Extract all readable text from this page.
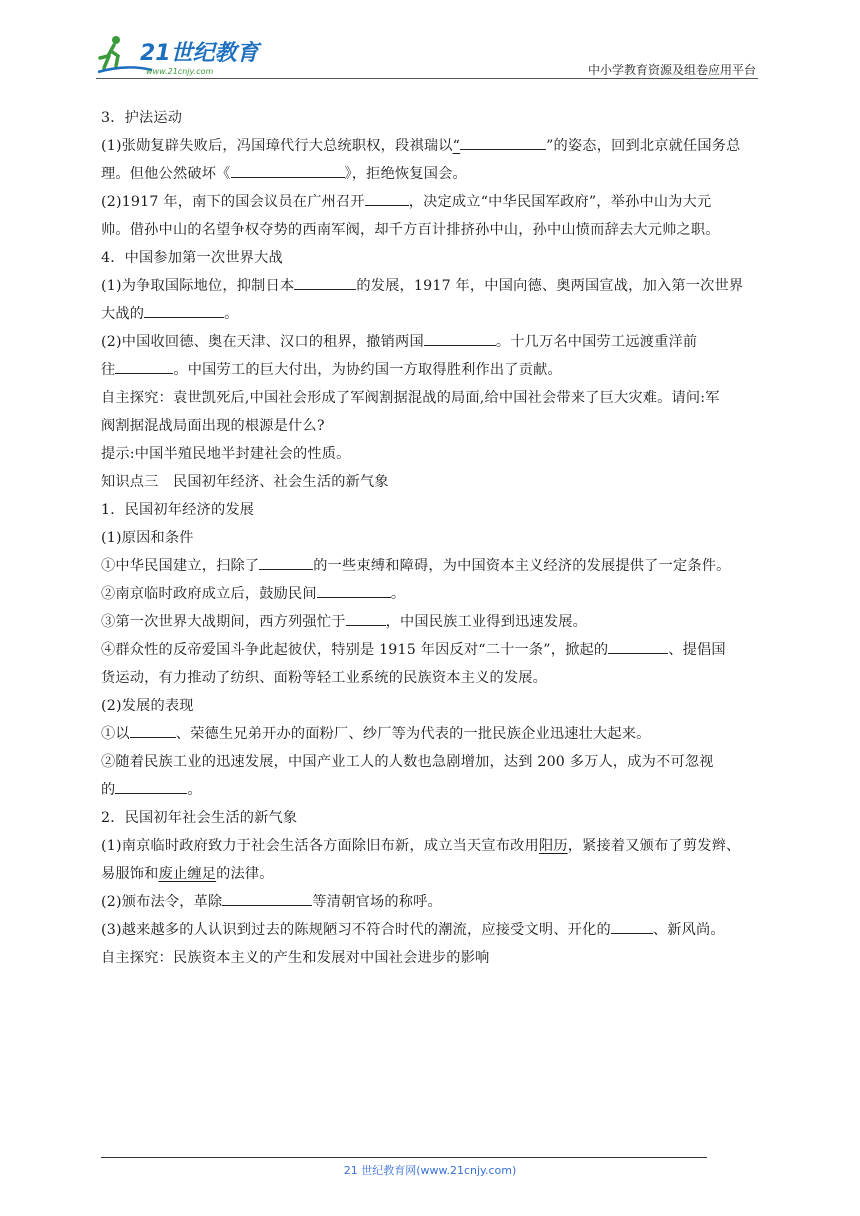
21世纪教育
www.21cnjy.com	中小学教育资源及组卷应用平台

3．护法运动

(1)张勋复辟失败后，冯国璋代行大总统职权，段祺瑞以“	”的姿态，回到北京就任国务总

理。但他公然破坏《	》，拒绝恢复国会。

(2)1917 年，南下的国会议员在广州召开	，决定成立“中华民国军政府”，举孙中山为大元

帅。借孙中山的名望争权夺势的西南军阀，却千方百计排挤孙中山，孙中山愤而辞去大元帅之职。

4．中国参加第一次世界大战

(1)为争取国际地位，抑制日本	的发展，1917 年，中国向德、奥两国宣战，加入第一次世界

大战的	。

(2)中国收回德、奥在天津、汉口的租界，撤销两国	。十几万名中国劳工远渡重洋前

往	。中国劳工的巨大付出，为协约国一方取得胜利作出了贡献。

自主探究：袁世凯死后,中国社会形成了军阀割据混战的局面,给中国社会带来了巨大灾难。请问:军

阀割据混战局面出现的根源是什么?

提示:中国半殖民地半封建社会的性质。

知识点三　民国初年经济、社会生活的新气象

1．民国初年经济的发展

(1)原因和条件

①中华民国建立，扫除了	的一些束缚和障碍，为中国资本主义经济的发展提供了一定条件。

②南京临时政府成立后，鼓励民间	。

③第一次世界大战期间，西方列强忙于	，中国民族工业得到迅速发展。

④群众性的反帝爱国斗争此起彼伏，特别是 1915 年因反对“二十一条”，掀起的	、提倡国

货运动，有力推动了纺织、面粉等轻工业系统的民族资本主义的发展。

(2)发展的表现

①以	、荣德生兄弟开办的面粉厂、纱厂等为代表的一批民族企业迅速壮大起来。

②随着民族工业的迅速发展，中国产业工人的人数也急剧增加，达到 200 多万人，成为不可忽视

的	。

2．民国初年社会生活的新气象

(1)南京临时政府致力于社会生活各方面除旧布新，成立当天宣布改用阳历，紧接着又颁布了剪发辫、

易服饰和废止缠足的法律。

(2)颁布法令，革除	等清朝官场的称呼。

(3)越来越多的人认识到过去的陈规陋习不符合时代的潮流，应接受文明、开化的	、新风尚。

自主探究：民族资本主义的产生和发展对中国社会进步的影响

21 世纪教育网(www.21cnjy.com)
